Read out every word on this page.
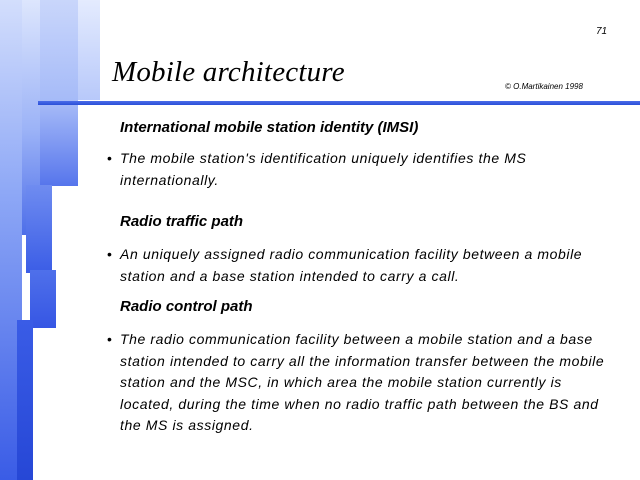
71
Mobile architecture	© O.Martikainen 1998
International mobile station identity (IMSI)
• The mobile station's identification uniquely identifies the MS internationally.
Radio traffic path
• An uniquely assigned radio communication facility between a mobile station and a base station intended to carry a call.
Radio control path
• The radio communication facility between a mobile station and a base station intended to carry all the information transfer between the mobile station and the MSC, in which area the mobile station currently is located, during the time when no radio traffic path between the BS and the MS is assigned.
